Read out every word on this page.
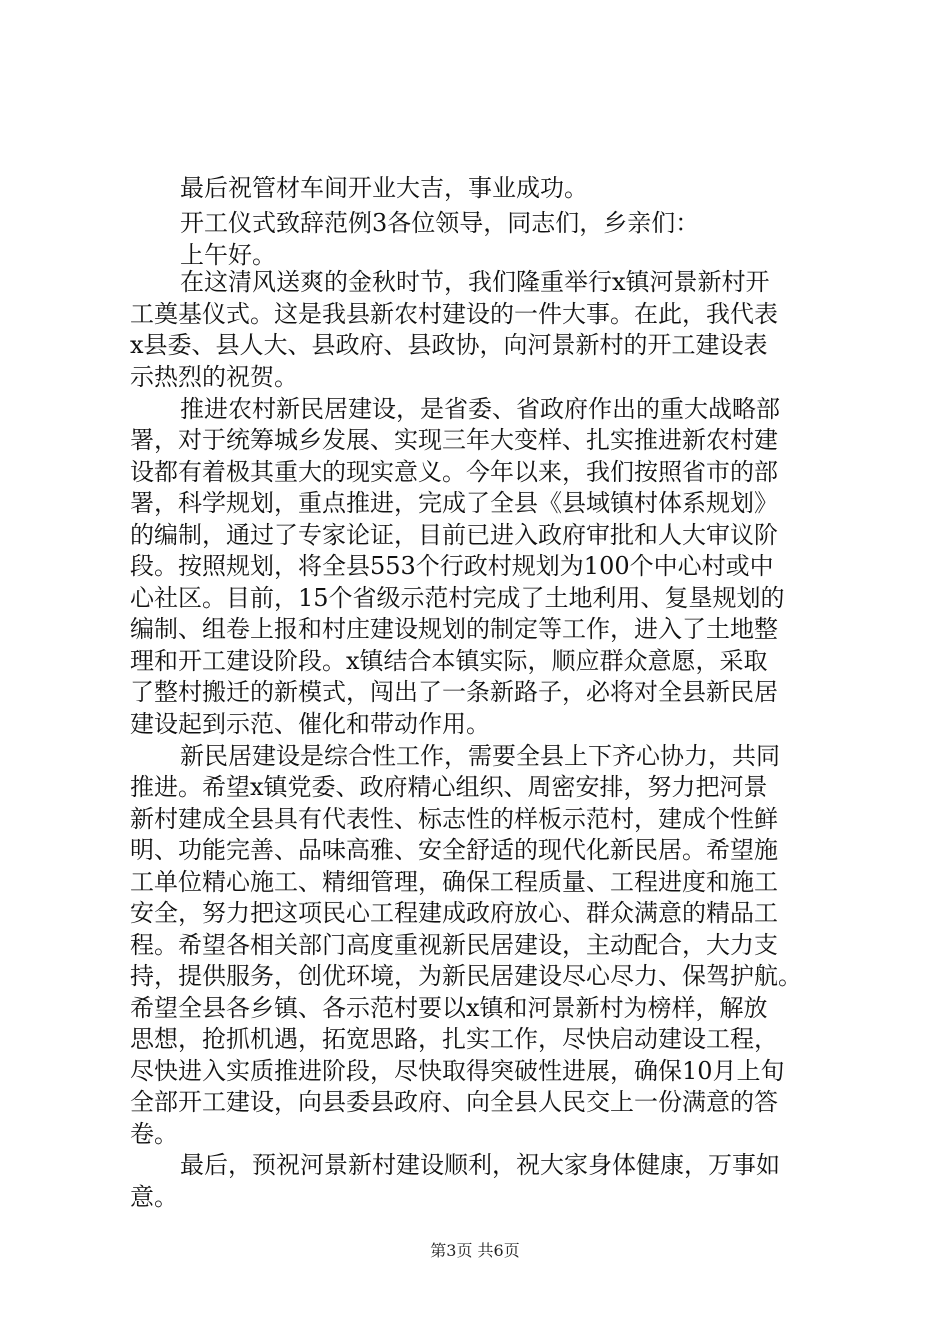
最后祝管材车间开业大吉，事业成功。
开工仪式致辞范例3各位领导，同志们，乡亲们：
上午好。
在这清风送爽的金秋时节，我们隆重举行x镇河景新村开
工奠基仪式。这是我县新农村建设的一件大事。在此，我代表
x县委、县人大、县政府、县政协，向河景新村的开工建设表
示热烈的祝贺。
推进农村新民居建设，是省委、省政府作出的重大战略部
署，对于统筹城乡发展、实现三年大变样、扎实推进新农村建
设都有着极其重大的现实意义。今年以来，我们按照省市的部
署，科学规划，重点推进，完成了全县《县域镇村体系规划》
的编制，通过了专家论证，目前已进入政府审批和人大审议阶
段。按照规划，将全县553个行政村规划为100个中心村或中
心社区。目前，15个省级示范村完成了土地利用、复垦规划的
编制、组卷上报和村庄建设规划的制定等工作，进入了土地整
理和开工建设阶段。x镇结合本镇实际，顺应群众意愿，采取
了整村搬迁的新模式，闯出了一条新路子，必将对全县新民居
建设起到示范、催化和带动作用。
新民居建设是综合性工作，需要全县上下齐心协力，共同
推进。希望x镇党委、政府精心组织、周密安排，努力把河景
新村建成全县具有代表性、标志性的样板示范村，建成个性鲜
明、功能完善、品味高雅、安全舒适的现代化新民居。希望施
工单位精心施工、精细管理，确保工程质量、工程进度和施工
安全，努力把这项民心工程建成政府放心、群众满意的精品工
程。希望各相关部门高度重视新民居建设，主动配合，大力支
持，提供服务，创优环境，为新民居建设尽心尽力、保驾护航。
希望全县各乡镇、各示范村要以x镇和河景新村为榜样，解放
思想，抢抓机遇，拓宽思路，扎实工作，尽快启动建设工程，
尽快进入实质推进阶段，尽快取得突破性进展，确保10月上旬
全部开工建设，向县委县政府、向全县人民交上一份满意的答
卷。
最后，预祝河景新村建设顺利，祝大家身体健康，万事如
意。
第3页 共6页
